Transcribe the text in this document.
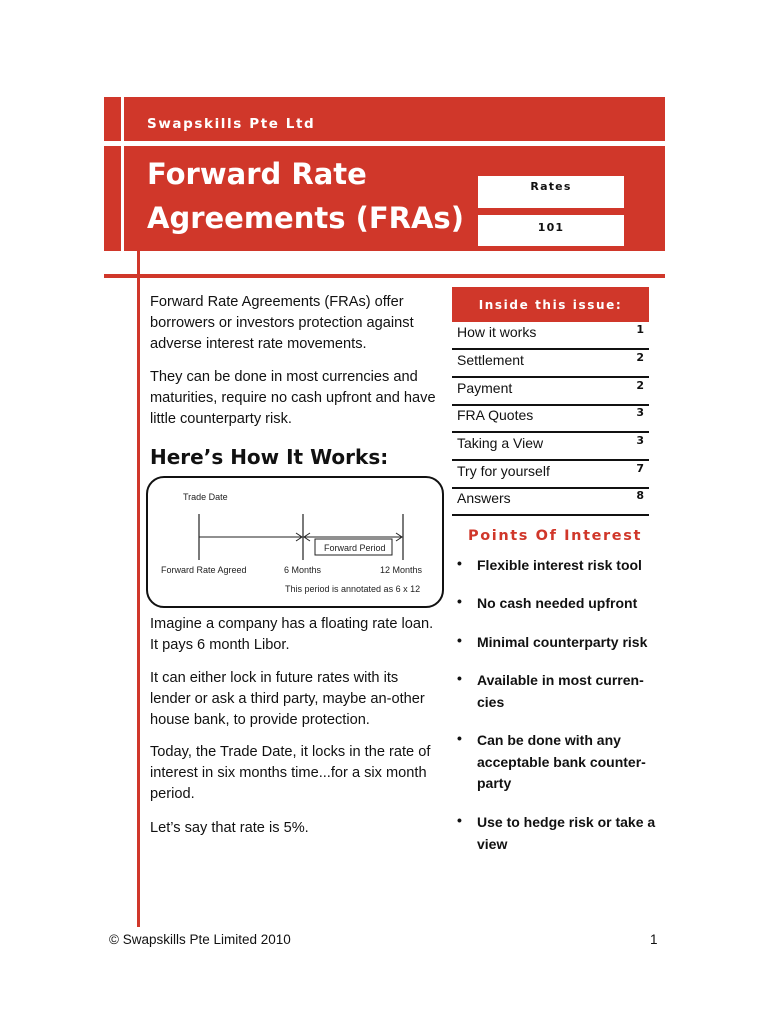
Swapskills Pte Ltd
Forward Rate
Agreements (FRAs)
Rates
101

Forward Rate Agreements (FRAs) offer borrowers or investors protection against adverse interest rate movements.

They can be done in most currencies and maturities, require no cash upfront and have little counterparty risk.

Here’s How It Works:
Trade Date
Forward Period
Forward Rate Agreed	6 Months	12 Months
This period is annotated as 6 x 12

Imagine a company has a floating rate loan. It pays 6 month Libor.

It can either lock in future rates with its lender or ask a third party, maybe an-other house bank, to provide protection.

Today, the Trade Date, it locks in the rate of interest in six months time...for a six month period.

Let’s say that rate is 5%.

Inside this issue:
How it works	1
Settlement	2
Payment	2
FRA Quotes	3
Taking a View	3
Try for yourself	7
Answers	8
Points Of Interest
• Flexible interest risk tool
• No cash needed upfront
• Minimal counterparty risk
• Available in most curren-cies
• Can be done with any acceptable bank counter-party
• Use to hedge risk or take a view
© Swapskills Pte Limited 2010	1
